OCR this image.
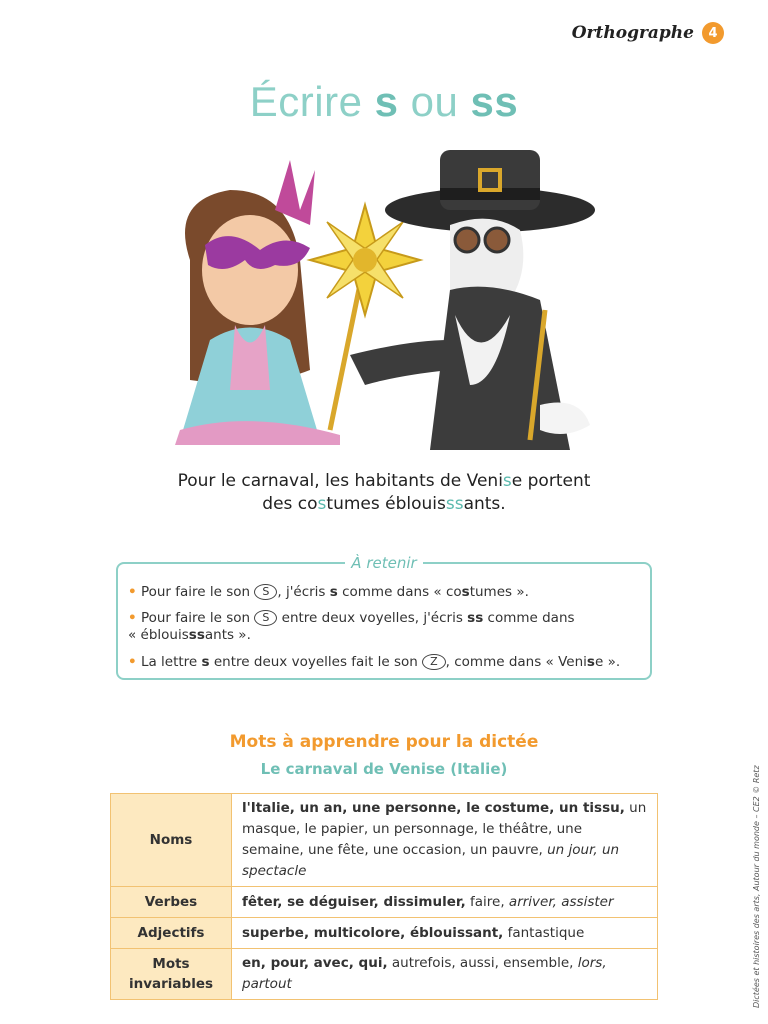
Orthographe	4
Écrire s ou ss
Pour le carnaval, les habitants de Venise portent
des costumes éblouisssants.
À retenir
• Pour faire le son S , j'écris s comme dans « costumes ».
• Pour faire le son S entre deux voyelles, j'écris ss comme dans
« éblouisssants ».
• La lettre s entre deux voyelles fait le son Z , comme dans « Venise ».
Mots à apprendre pour la dictée
Le carnaval de Venise (Italie)
Noms	l'Italie, un an, une personne, le costume, un tissu, un masque, le papier, un personnage, le théâtre, une semaine, une fête, une occasion, un pauvre, un jour, un spectacle
Verbes	fêter, se déguiser, dissimuler, faire, arriver, assister
Adjectifs	superbe, multicolore, éblouissant, fantastique
Mots invariables	en, pour, avec, qui, autrefois, aussi, ensemble, lors, partout	Dictées et histoires des arts, Autour du monde – CE2 © Retz
